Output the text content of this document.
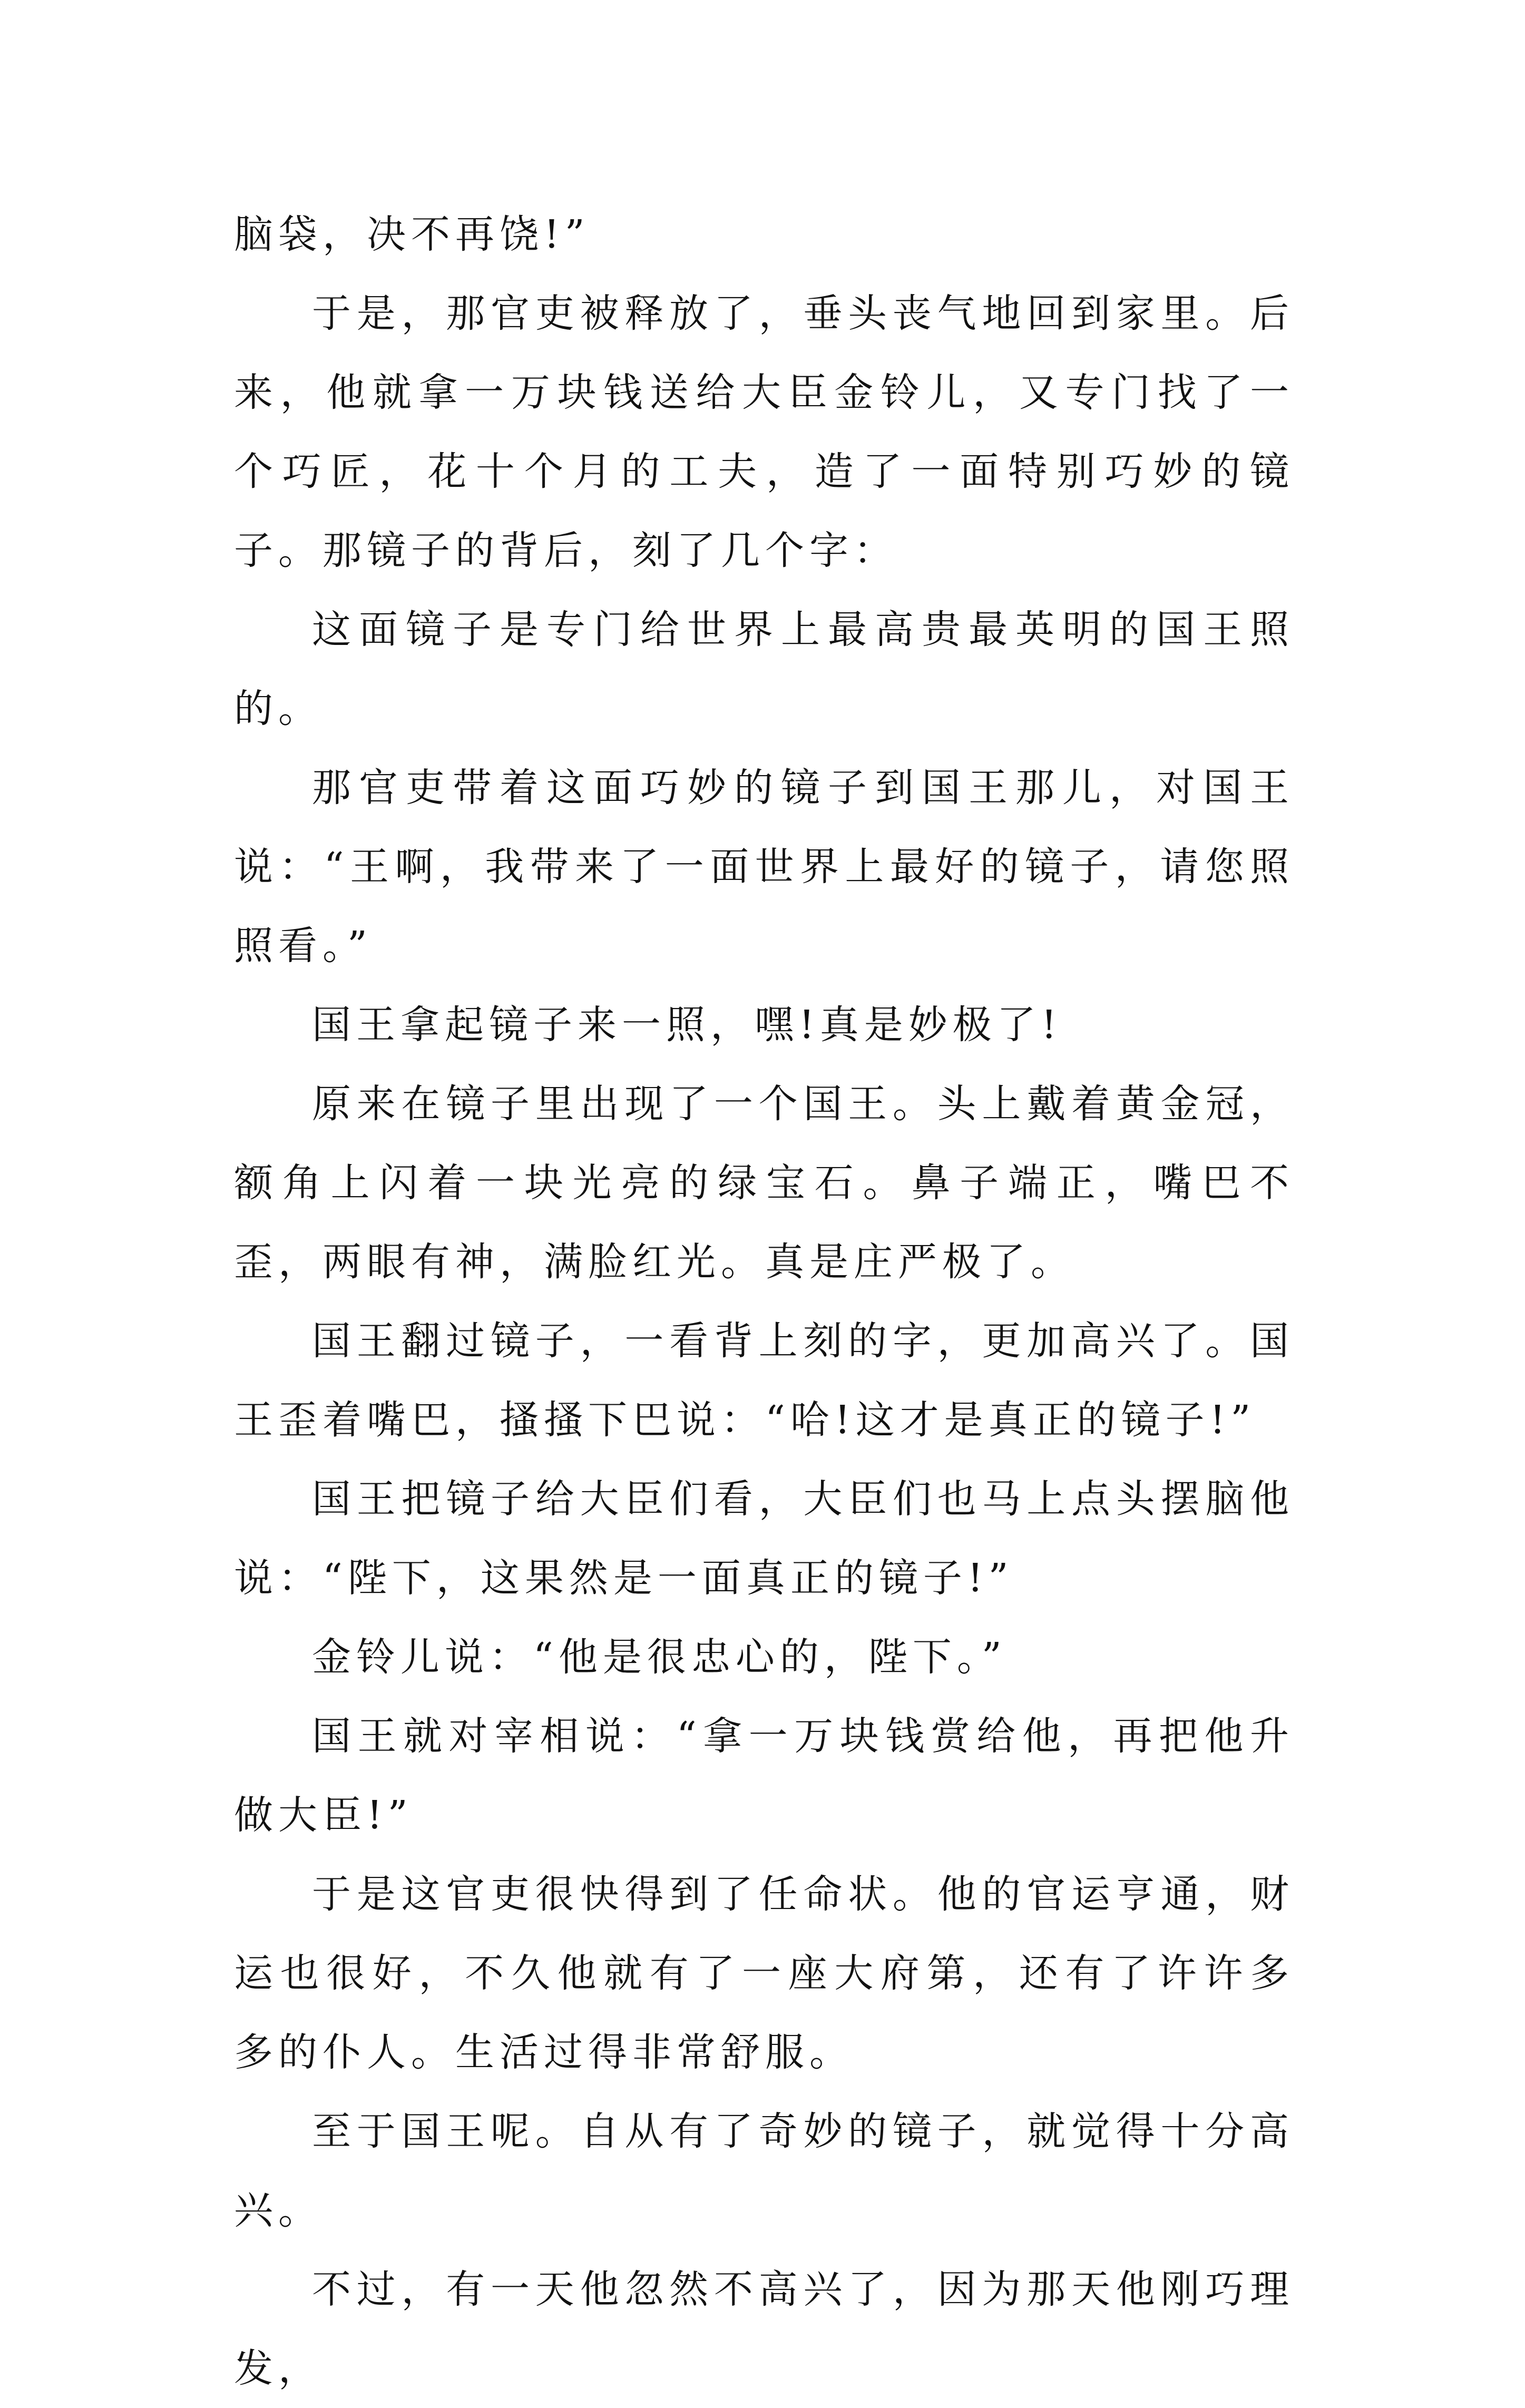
脑袋，决不再饶!”

于是，那官吏被释放了，垂头丧气地回到家里。后来，他就拿一万块钱送给大臣金铃儿，又专门找了一个巧匠，花十个月的工夫，造了一面特别巧妙的镜子。那镜子的背后，刻了几个字：

这面镜子是专门给世界上最高贵最英明的国王照的。

那官吏带着这面巧妙的镜子到国王那儿，对国王说：“王啊，我带来了一面世界上最好的镜子，请您照照看。”

国王拿起镜子来一照，嘿!真是妙极了!

原来在镜子里出现了一个国王。头上戴着黄金冠，额角上闪着一块光亮的绿宝石。鼻子端正，嘴巴不歪，两眼有神，满脸红光。真是庄严极了。

国王翻过镜子，一看背上刻的字，更加高兴了。国王歪着嘴巴，搔搔下巴说：“哈!这才是真正的镜子!”

国王把镜子给大臣们看，大臣们也马上点头摆脑他说：“陛下，这果然是一面真正的镜子!”

金铃儿说：“他是很忠心的，陛下。”

国王就对宰相说：“拿一万块钱赏给他，再把他升做大臣!”

于是这官吏很快得到了任命状。他的官运亨通，财运也很好，不久他就有了一座大府第，还有了许许多多的仆人。生活过得非常舒服。

至于国王呢。自从有了奇妙的镜子，就觉得十分高兴。

不过，有一天他忽然不高兴了，因为那天他刚巧理发，
